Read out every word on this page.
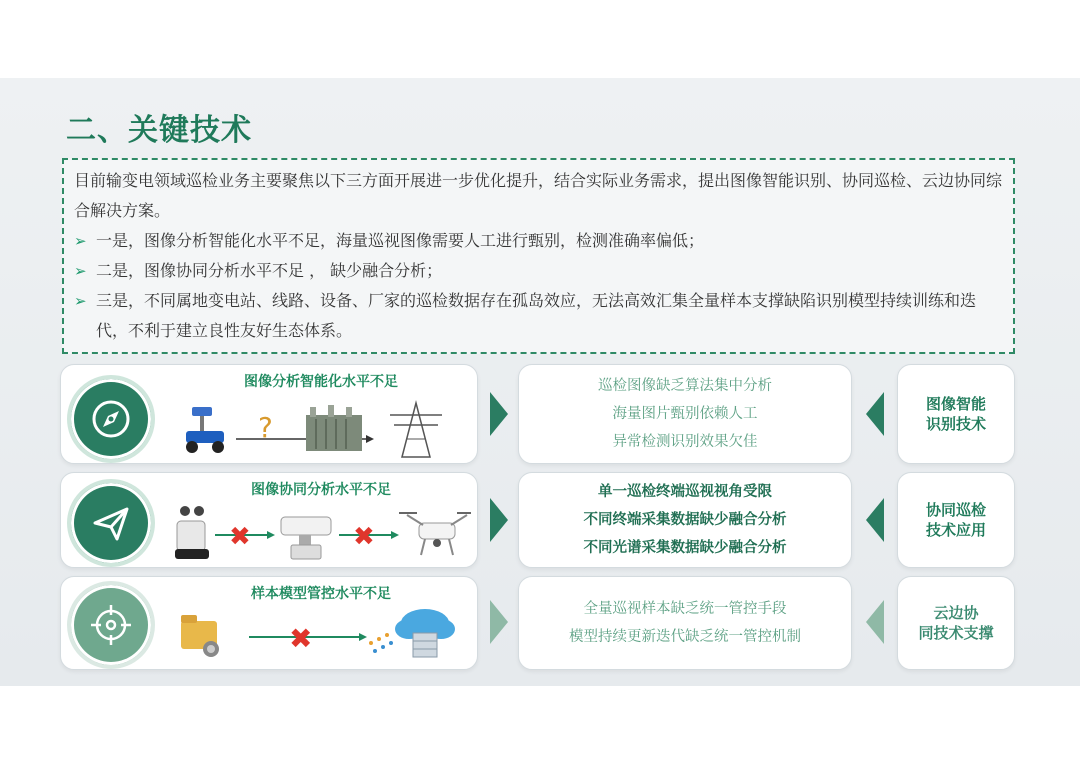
二、关键技术

目前输变电领域巡检业务主要聚焦以下三方面开展进一步优化提升，结合实际业务需求，提出图像智能识别、协同巡检、云边协同综合解决方案。

➢ 一是，图像分析智能化水平不足，海量巡视图像需要人工进行甄别，检测准确率偏低；

➢ 二是，图像协同分析水平不足 ， 缺少融合分析；

➢ 三是，不同属地变电站、线路、设备、厂家的巡检数据存在孤岛效应，无法高效汇集全量样本支撑缺陷识别模型持续训练和迭代，不利于建立良性友好生态体系。

图像分析智能化水平不足
?
巡检图像缺乏算法集中分析
海量图片甄别依赖人工
异常检测识别效果欠佳
图像智能
识别技术
图像协同分析水平不足
✖	✖
单一巡检终端巡视视角受限
不同终端采集数据缺少融合分析
不同光谱采集数据缺少融合分析
协同巡检
技术应用
样本模型管控水平不足
✖
全量巡视样本缺乏统一管控手段
模型持续更新迭代缺乏统一管控机制
云边协
同技术支撑
